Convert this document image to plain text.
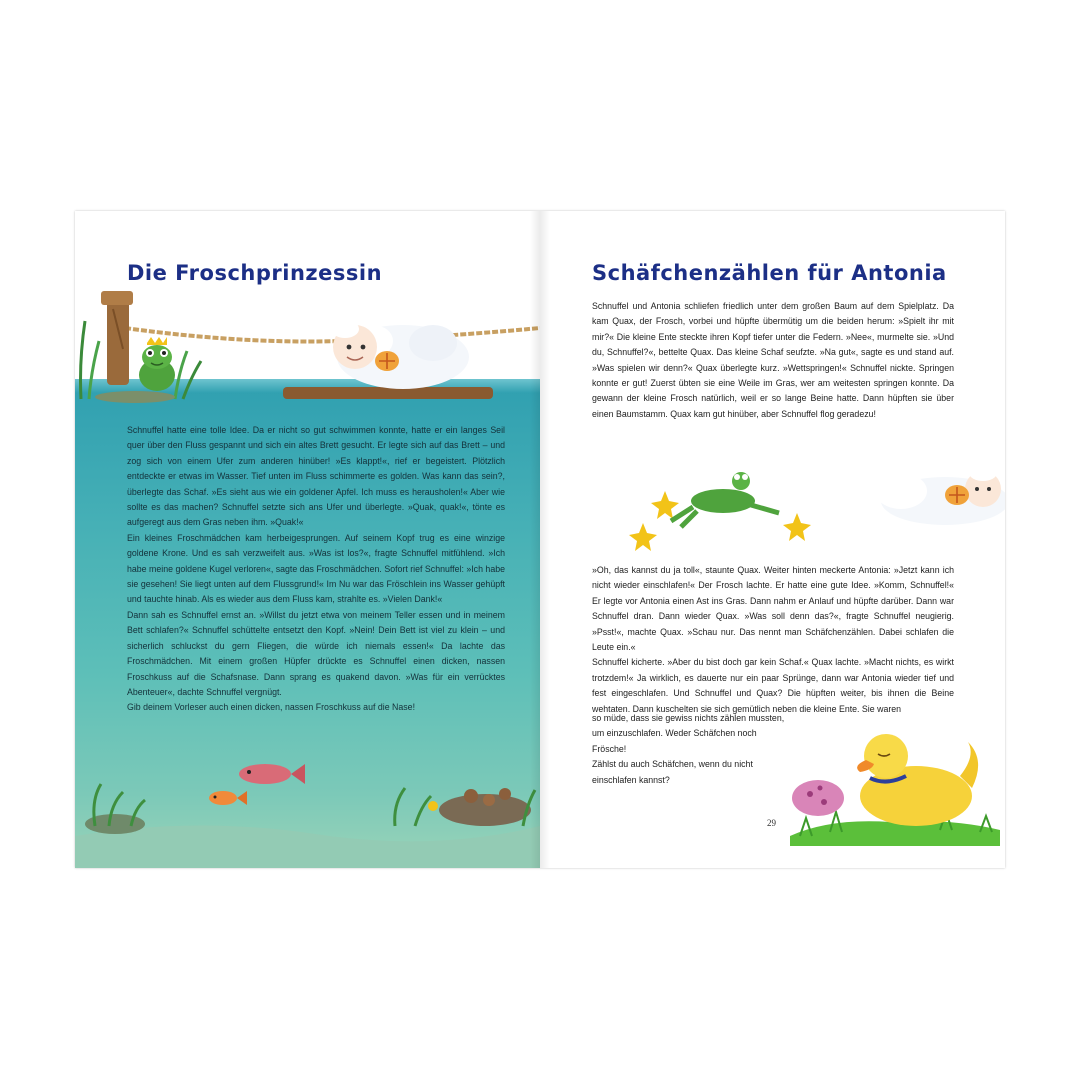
Die Froschprinzessin

Schnuffel hatte eine tolle Idee. Da er nicht so gut schwimmen konnte, hatte er ein langes Seil quer über den Fluss gespannt und sich ein altes Brett gesucht. Er legte sich auf das Brett – und zog sich von einem Ufer zum anderen hinüber! »Es klappt!«, rief er begeistert. Plötzlich entdeckte er etwas im Wasser. Tief unten im Fluss schimmerte es golden. Was kann das sein?, überlegte das Schaf. »Es sieht aus wie ein goldener Apfel. Ich muss es herausholen!« Aber wie sollte es das machen? Schnuffel setzte sich ans Ufer und überlegte. »Quak, quak!«, tönte es aufgeregt aus dem Gras neben ihm. »Quak!«

Ein kleines Froschmädchen kam herbeigesprungen. Auf seinem Kopf trug es eine winzige goldene Krone. Und es sah verzweifelt aus. »Was ist los?«, fragte Schnuffel mitfühlend. »Ich habe meine goldene Kugel verloren«, sagte das Froschmädchen. Sofort rief Schnuffel: »Ich habe sie gesehen! Sie liegt unten auf dem Flussgrund!« Im Nu war das Fröschlein ins Wasser gehüpft und tauchte hinab. Als es wieder aus dem Fluss kam, strahlte es. »Vielen Dank!«

Dann sah es Schnuffel ernst an. »Willst du jetzt etwa von meinem Teller essen und in meinem Bett schlafen?« Schnuffel schüttelte entsetzt den Kopf. »Nein! Dein Bett ist viel zu klein – und sicherlich schluckst du gern Fliegen, die würde ich niemals essen!« Da lachte das Froschmädchen. Mit einem großen Hüpfer drückte es Schnuffel einen dicken, nassen Froschkuss auf die Schafsnase. Dann sprang es quakend davon. »Was für ein verrücktes Abenteuer«, dachte Schnuffel vergnügt.

Gib deinem Vorleser auch einen dicken, nassen Froschkuss auf die Nase!

Schäfchenzählen für Antonia

Schnuffel und Antonia schliefen friedlich unter dem großen Baum auf dem Spielplatz. Da kam Quax, der Frosch, vorbei und hüpfte übermütig um die beiden herum: »Spielt ihr mit mir?« Die kleine Ente steckte ihren Kopf tiefer unter die Federn. »Nee«, murmelte sie. »Und du, Schnuffel?«, bettelte Quax. Das kleine Schaf seufzte. »Na gut«, sagte es und stand auf. »Was spielen wir denn?« Quax überlegte kurz. »Wettspringen!« Schnuffel nickte. Springen konnte er gut! Zuerst übten sie eine Weile im Gras, wer am weitesten springen konnte. Da gewann der kleine Frosch natürlich, weil er so lange Beine hatte. Dann hüpften sie über einen Baumstamm. Quax kam gut hinüber, aber Schnuffel flog geradezu!

»Oh, das kannst du ja toll«, staunte Quax. Weiter hinten meckerte Antonia: »Jetzt kann ich nicht wieder einschlafen!« Der Frosch lachte. Er hatte eine gute Idee. »Komm, Schnuffel!« Er legte vor Antonia einen Ast ins Gras. Dann nahm er Anlauf und hüpfte darüber. Dann war Schnuffel dran. Dann wieder Quax. »Was soll denn das?«, fragte Schnuffel neugierig. »Psst!«, machte Quax. »Schau nur. Das nennt man Schäfchenzählen. Dabei schlafen die Leute ein.«

Schnuffel kicherte. »Aber du bist doch gar kein Schaf.« Quax lachte. »Macht nichts, es wirkt trotzdem!« Ja wirklich, es dauerte nur ein paar Sprünge, dann war Antonia wieder tief und fest eingeschlafen. Und Schnuffel und Quax? Die hüpften weiter, bis ihnen die Beine wehtaten. Dann kuschelten sie sich gemütlich neben die kleine Ente. Sie waren

so müde, dass sie gewiss nichts zählen mussten, um einzuschlafen. Weder Schäfchen noch Frösche!

Zählst du auch Schäfchen, wenn du nicht einschlafen kannst?

29
